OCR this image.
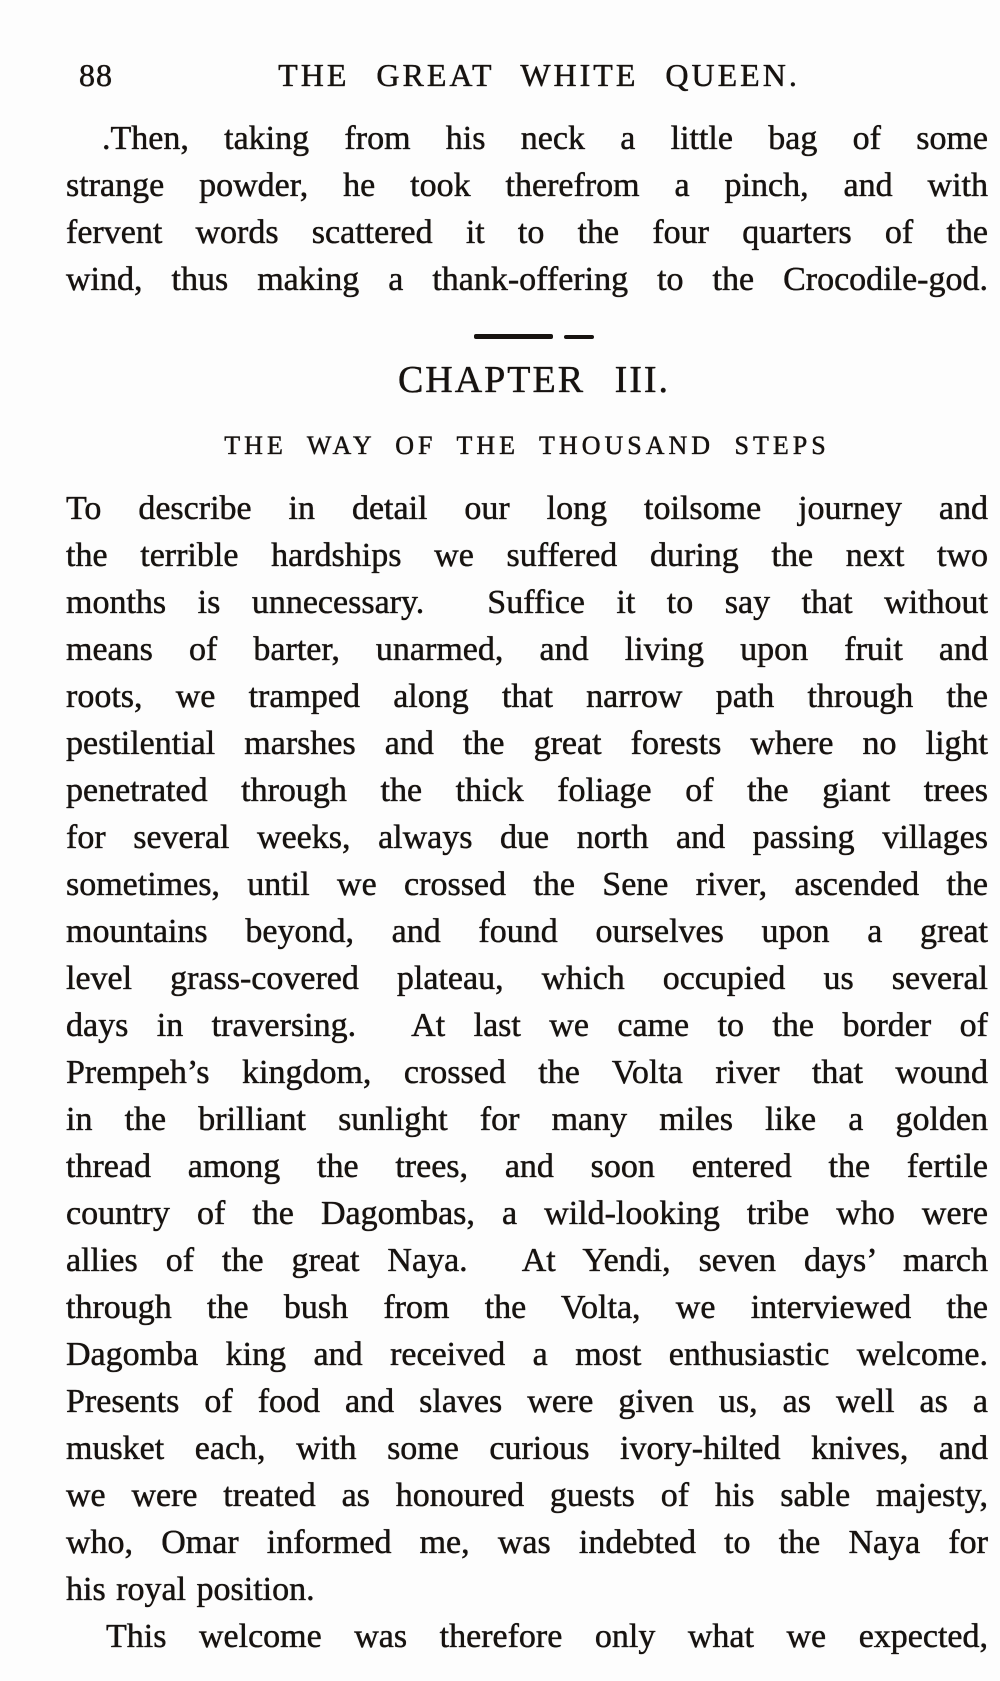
88	THE GREAT WHITE QUEEN.
.Then, taking from his neck a little bag of some
strange powder, he took therefrom a pinch, and with
fervent words scattered it to the four quarters of the
wind, thus making a thank-offering to the Crocodile-god.
CHAPTER III.
THE WAY OF THE THOUSAND STEPS
To describe in detail our long toilsome journey and
the terrible hardships we suffered during the next two
months is unnecessary.  Suffice it to say that without
means of barter, unarmed, and living upon fruit and
roots, we tramped along that narrow path through the
pestilential marshes and the great forests where no light
penetrated through the thick foliage of the giant trees
for several weeks, always due north and passing villages
sometimes, until we crossed the Sene river, ascended the
mountains beyond, and found ourselves upon a great
level grass-covered plateau, which occupied us several
days in traversing.  At last we came to the border of
Prempeh’s kingdom, crossed the Volta river that wound
in the brilliant sunlight for many miles like a golden
thread among the trees, and soon entered the fertile
country of the Dagombas, a wild-looking tribe who were
allies of the great Naya.  At Yendi, seven days’ march
through the bush from the Volta, we interviewed the
Dagomba king and received a most enthusiastic welcome.
Presents of food and slaves were given us, as well as a
musket each, with some curious ivory-hilted knives, and
we were treated as honoured guests of his sable majesty,
who, Omar informed me, was indebted to the Naya for
his royal position.
This welcome was therefore only what we expected,
